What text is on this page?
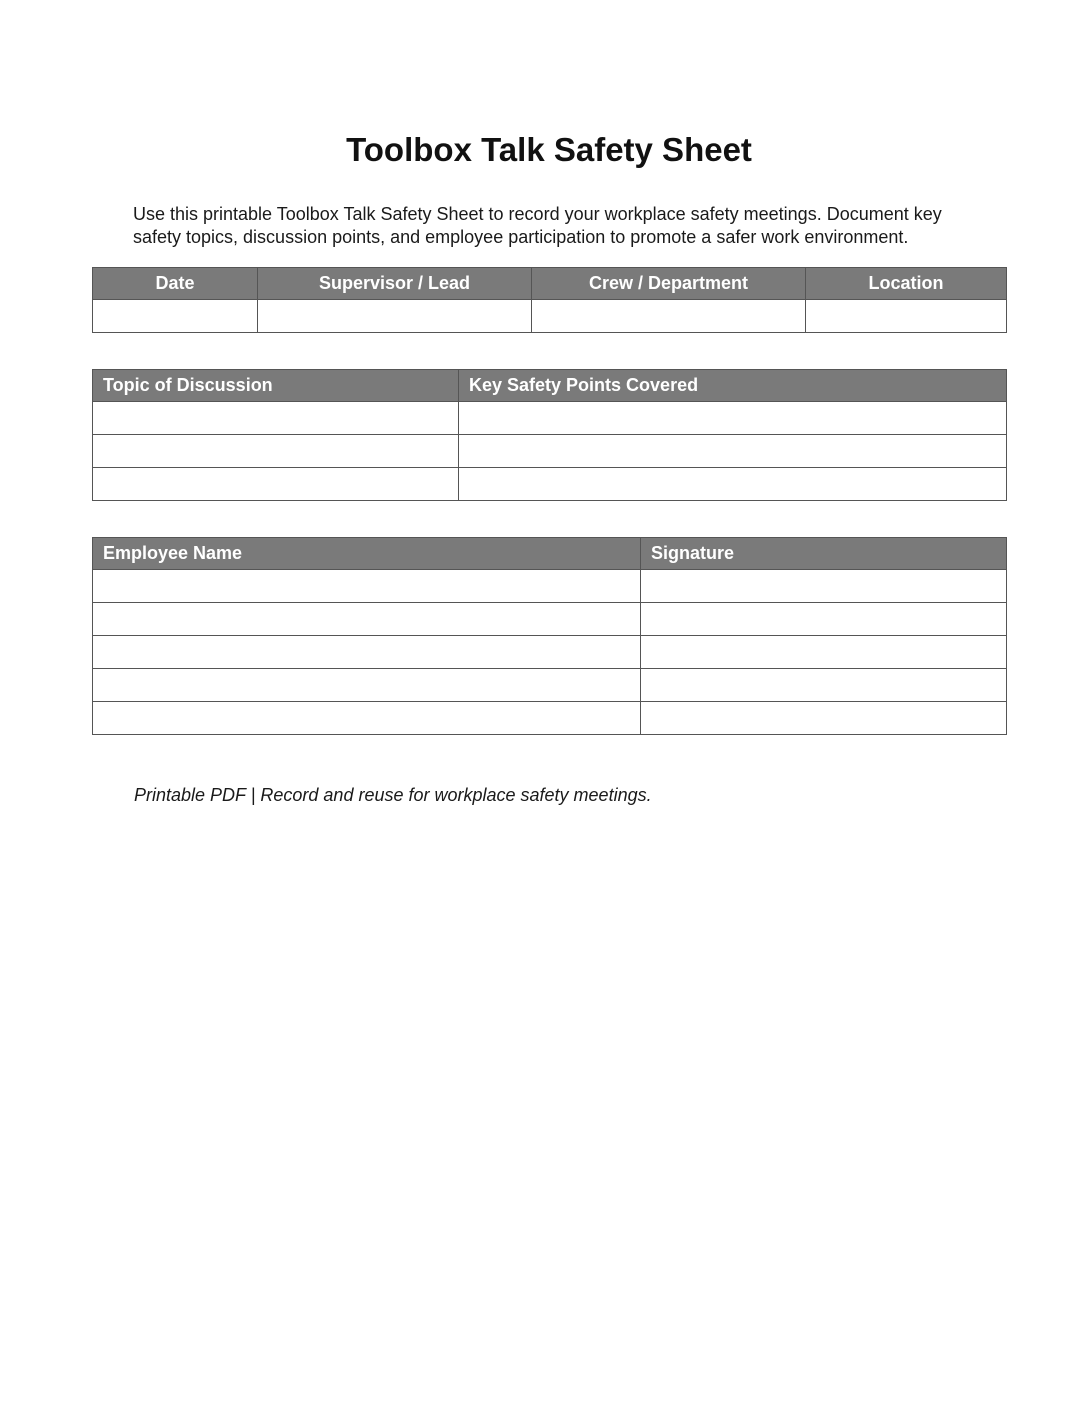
Toolbox Talk Safety Sheet

Use this printable Toolbox Talk Safety Sheet to record your workplace safety meetings. Document key safety topics, discussion points, and employee participation to promote a safer work environment.

Date	Supervisor / Lead	Crew / Department	Location

Topic of Discussion	Key Safety Points Covered

Employee Name	Signature

Printable PDF | Record and reuse for workplace safety meetings.
